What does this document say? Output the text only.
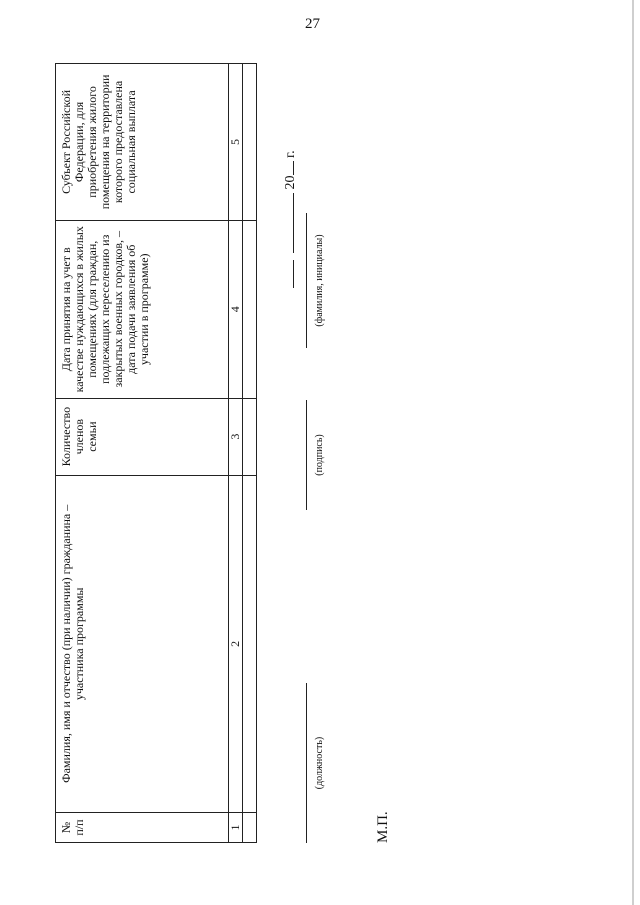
27
№ п/п	Фамилия, имя и отчество (при наличии) гражданина – участника программы	Количество членов семьи	Дата принятия на учет в качестве нуждающихся в жилых помещениях (для граждан, подлежащих переселению из закрытых военных городков, – дата подачи заявления об участии в программе)	Субъект Российской Федерации, для приобретения жилого помещения на территории которого предоставлена социальная выплата
1	2	3	4	5

(должность)
(подпись)
(фамилия, инициалы)
20 г.
М.П.
